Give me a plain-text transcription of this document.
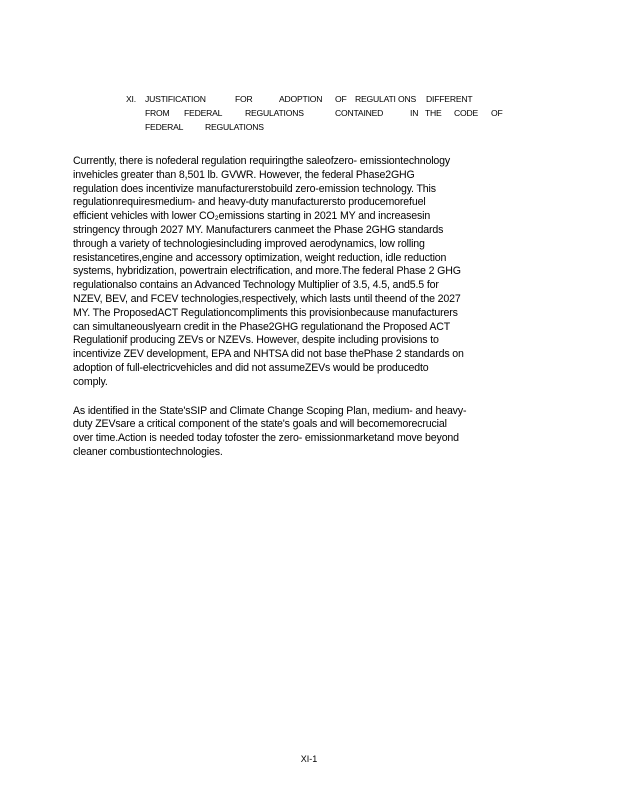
XI. JUSTIFICATION	FOR	ADOPTION OF REGULATI ONS DIFFERENT
FROM FEDERAL	REGULATIONS	CONTAINED	IN THE CODE OF
FEDERAL	REGULATIONS

Currently, there is nofederal regulation requiringthe saleofzero- emissiontechnology
invehicles greater than 8,501 lb. GVWR. However, the federal Phase2GHG
regulation does incentivize manufacturerstobuild zero-emission technology. This
regulationrequiresmedium- and heavy-duty manufacturersto producemorefuel
efficient vehicles with lower CO₂emissions starting in 2021 MY and increasesin
stringency through 2027 MY. Manufacturers canmeet the Phase 2GHG standards
through a variety of technologiesincluding improved aerodynamics, low rolling
resistancetires,engine and accessory optimization, weight reduction, idle reduction
systems, hybridization, powertrain electrification, and more.The federal Phase 2 GHG
regulationalso contains an Advanced Technology Multiplier of 3.5, 4.5, and5.5 for
NZEV, BEV, and FCEV technologies,respectively, which lasts until theend of the 2027
MY. The ProposedACT Regulationcompliments this provisionbecause manufacturers
can simultaneouslyearn credit in the Phase2GHG regulationand the Proposed ACT
Regulationif producing ZEVs or NZEVs. However, despite including provisions to
incentivize ZEV development, EPA and NHTSA did not base thePhase 2 standards on
adoption of full-electricvehicles and did not assumeZEVs would be producedto
comply.

As identified in the State'sSIP and Climate Change Scoping Plan, medium- and heavy-
duty ZEVsare a critical component of the state's goals and will becomemorecrucial
over time.Action is needed today tofoster the zero- emissionmarketand move beyond
cleaner combustiontechnologies.

XI-1
